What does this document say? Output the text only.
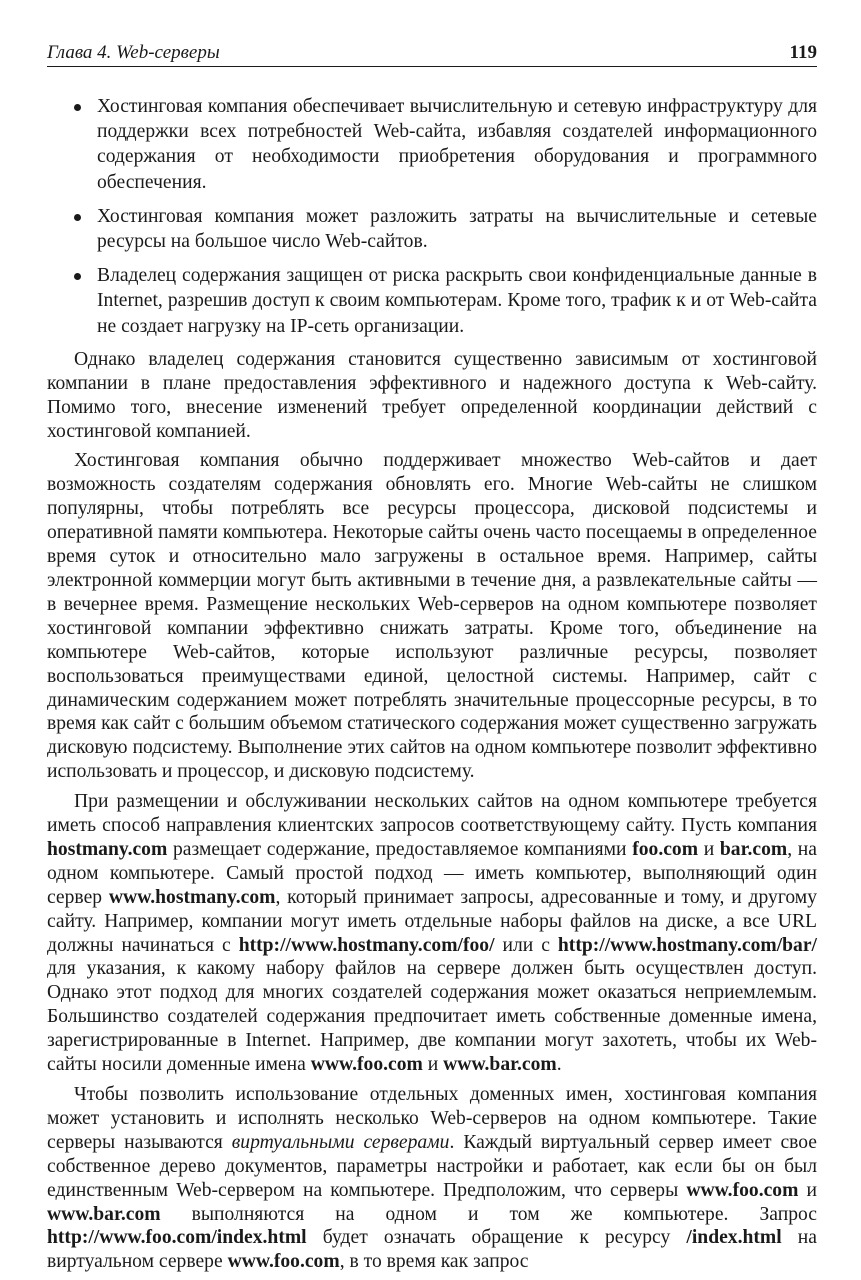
Глава 4. Web-серверы	119
Хостинговая компания обеспечивает вычислительную и сетевую инфраструктуру для поддержки всех потребностей Web-сайта, избавляя создателей информационного содержания от необходимости приобретения оборудования и программного обеспечения.
Хостинговая компания может разложить затраты на вычислительные и сетевые ресурсы на большое число Web-сайтов.
Владелец содержания защищен от риска раскрыть свои конфиденциальные данные в Internet, разрешив доступ к своим компьютерам. Кроме того, трафик к и от Web-сайта не создает нагрузку на IP-сеть организации.

Однако владелец содержания становится существенно зависимым от хостинговой компании в плане предоставления эффективного и надежного доступа к Web-сайту. Помимо того, внесение изменений требует определенной координации действий с хостинговой компанией.

Хостинговая компания обычно поддерживает множество Web-сайтов и дает возможность создателям содержания обновлять его. Многие Web-сайты не слишком популярны, чтобы потреблять все ресурсы процессора, дисковой подсистемы и оперативной памяти компьютера. Некоторые сайты очень часто посещаемы в определенное время суток и относительно мало загружены в остальное время. Например, сайты электронной коммерции могут быть активными в течение дня, а развлекательные сайты — в вечернее время. Размещение нескольких Web-серверов на одном компьютере позволяет хостинговой компании эффективно снижать затраты. Кроме того, объединение на компьютере Web-сайтов, которые используют различные ресурсы, позволяет воспользоваться преимуществами единой, целостной системы. Например, сайт с динамическим содержанием может потреблять значительные процессорные ресурсы, в то время как сайт с большим объемом статического содержания может существенно загружать дисковую подсистему. Выполнение этих сайтов на одном компьютере позволит эффективно использовать и процессор, и дисковую подсистему.

При размещении и обслуживании нескольких сайтов на одном компьютере требуется иметь способ направления клиентских запросов соответствующему сайту. Пусть компания hostmany.com размещает содержание, предоставляемое компаниями foo.com и bar.com, на одном компьютере. Самый простой подход — иметь компьютер, выполняющий один сервер www.hostmany.com, который принимает запросы, адресованные и тому, и другому сайту. Например, компании могут иметь отдельные наборы файлов на диске, а все URL должны начинаться с http://www.hostmany.com/foo/ или с http://www.hostmany.com/bar/ для указания, к какому набору файлов на сервере должен быть осуществлен доступ. Однако этот подход для многих создателей содержания может оказаться неприемлемым. Большинство создателей содержания предпочитает иметь собственные доменные имена, зарегистрированные в Internet. Например, две компании могут захотеть, чтобы их Web-сайты носили доменные имена www.foo.com и www.bar.com.

Чтобы позволить использование отдельных доменных имен, хостинговая компания может установить и исполнять несколько Web-серверов на одном компьютере. Такие серверы называются виртуальными серверами. Каждый виртуальный сервер имеет свое собственное дерево документов, параметры настройки и работает, как если бы он был единственным Web-сервером на компьютере. Предположим, что серверы www.foo.com и www.bar.com выполняются на одном и том же компьютере. Запрос http://www.foo.com/index.html будет означать обращение к ресурсу /index.html на виртуальном сервере www.foo.com, в то время как запрос
